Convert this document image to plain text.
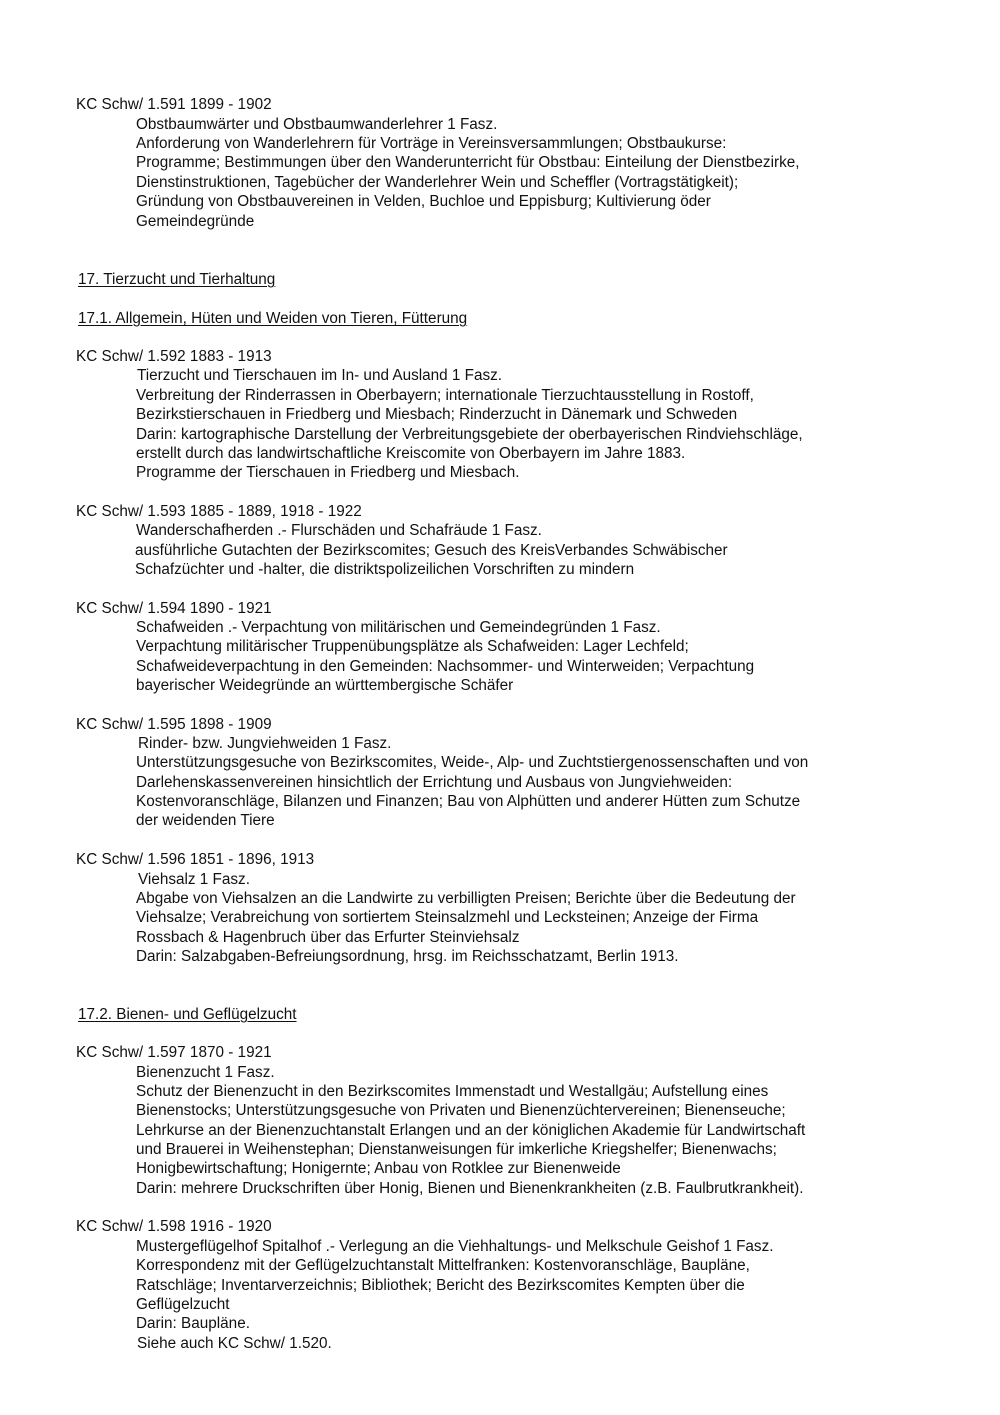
KC Schw/ 1.591 1899 - 1902
Obstbaumwärter und Obstbaumwanderlehrer 1 Fasz.
Anforderung von Wanderlehrern für Vorträge in Vereinsversammlungen; Obstbaukurse:
Programme; Bestimmungen über den Wanderunterricht für Obstbau: Einteilung der Dienstbezirke,
Dienstinstruktionen, Tagebücher der Wanderlehrer Wein und Scheffler (Vortragstätigkeit);
Gründung von Obstbauvereinen in Velden, Buchloe und Eppisburg; Kultivierung öder
Gemeindegründe
17. Tierzucht und Tierhaltung
17.1. Allgemein, Hüten und Weiden von Tieren, Fütterung
KC Schw/ 1.592 1883 - 1913
Tierzucht und Tierschauen im In- und Ausland 1 Fasz.
Verbreitung der Rinderrassen in Oberbayern; internationale Tierzuchtausstellung in Rostoff,
Bezirkstierschauen in Friedberg und Miesbach; Rinderzucht in Dänemark und Schweden
Darin: kartographische Darstellung der Verbreitungsgebiete der oberbayerischen Rindviehschläge,
erstellt durch das landwirtschaftliche Kreiscomite von Oberbayern im Jahre 1883.
Programme der Tierschauen in Friedberg und Miesbach.
KC Schw/ 1.593 1885 - 1889, 1918 - 1922
Wanderschafherden .- Flurschäden und Schafräude 1 Fasz.
ausführliche Gutachten der Bezirkscomites; Gesuch des KreisVerbandes Schwäbischer
Schafzüchter und -halter, die distriktspolizeilichen Vorschriften zu mindern
KC Schw/ 1.594 1890 - 1921
Schafweiden .- Verpachtung von militärischen und Gemeindegründen 1 Fasz.
Verpachtung militärischer Truppenübungsplätze als Schafweiden: Lager Lechfeld;
Schafweideverpachtung in den Gemeinden: Nachsommer- und Winterweiden; Verpachtung
bayerischer Weidegründe an württembergische Schäfer
KC Schw/ 1.595 1898 - 1909
Rinder- bzw. Jungviehweiden 1 Fasz.
Unterstützungsgesuche von Bezirkscomites, Weide-, Alp- und Zuchtstiergenossenschaften und von
Darlehenskassenvereinen hinsichtlich der Errichtung und Ausbaus von Jungviehweiden:
Kostenvoranschläge, Bilanzen und Finanzen; Bau von Alphütten und anderer Hütten zum Schutze
der weidenden Tiere
KC Schw/ 1.596 1851 - 1896, 1913
Viehsalz 1 Fasz.
Abgabe von Viehsalzen an die Landwirte zu verbilligten Preisen; Berichte über die Bedeutung der
Viehsalze; Verabreichung von sortiertem Steinsalzmehl und Lecksteinen; Anzeige der Firma
Rossbach & Hagenbruch über das Erfurter Steinviehsalz
Darin: Salzabgaben-Befreiungsordnung, hrsg. im Reichsschatzamt, Berlin 1913.
17.2. Bienen- und Geflügelzucht
KC Schw/ 1.597 1870 - 1921
Bienenzucht 1 Fasz.
Schutz der Bienenzucht in den Bezirkscomites Immenstadt und Westallgäu; Aufstellung eines
Bienenstocks; Unterstützungsgesuche von Privaten und Bienenzüchtervereinen; Bienenseuche;
Lehrkurse an der Bienenzuchtanstalt Erlangen und an der königlichen Akademie für Landwirtschaft
und Brauerei in Weihenstephan; Dienstanweisungen für imkerliche Kriegshelfer; Bienenwachs;
Honigbewirtschaftung; Honigernte; Anbau von Rotklee zur Bienenweide
Darin: mehrere Druckschriften über Honig, Bienen und Bienenkrankheiten (z.B. Faulbrutkrankheit).
KC Schw/ 1.598 1916 - 1920
Mustergeflügelhof Spitalhof .- Verlegung an die Viehhaltungs- und Melkschule Geishof 1 Fasz.
Korrespondenz mit der Geflügelzuchtanstalt Mittelfranken: Kostenvoranschläge, Baupläne,
Ratschläge; Inventarverzeichnis; Bibliothek; Bericht des Bezirkscomites Kempten über die
Geflügelzucht
Darin: Baupläne.
Siehe auch KC Schw/ 1.520.
